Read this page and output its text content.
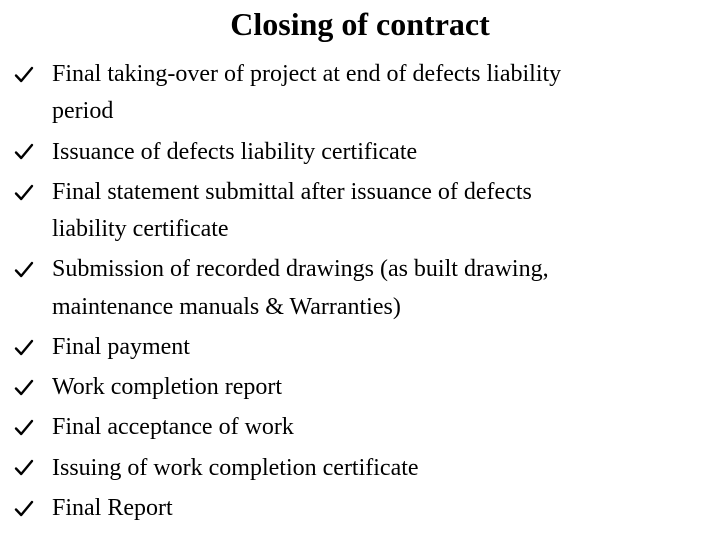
Closing of contract
Final taking-over of project at end of defects liability
period
Issuance of defects liability certificate
Final statement submittal after issuance of defects
liability certificate
Submission of recorded drawings (as built drawing,
maintenance manuals & Warranties)
Final payment
Work completion report
Final acceptance of work
Issuing of work completion certificate
Final Report
